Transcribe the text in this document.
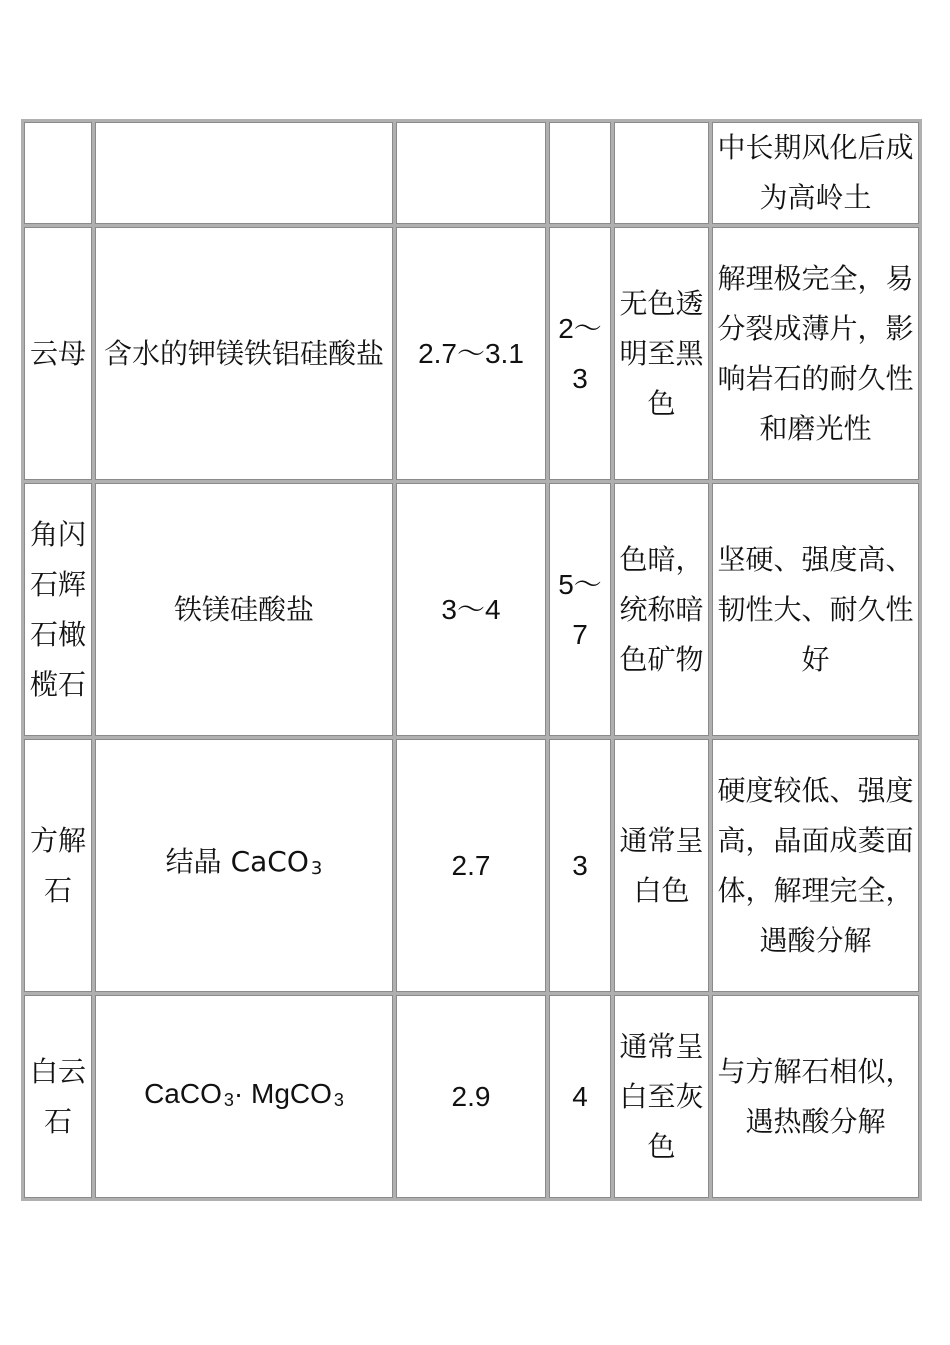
					中长期风化后成为高岭土
云母	含水的钾镁铁铝硅酸盐	2.7～3.1	2～3	无色透明至黑色	解理极完全，易分裂成薄片，影响岩石的耐久性和磨光性
角闪石辉石橄榄石	铁镁硅酸盐	3～4	5～7	色暗，统称暗色矿物	坚硬、强度高、韧性大、耐久性好
方解石	结晶 CaCO 3	2.7	3	通常呈白色	硬度较低、强度高，晶面成菱面体，解理完全，遇酸分解
白云石	CaCO 3· MgCO 3	2.9	4	通常呈白至灰色	与方解石相似，遇热酸分解
